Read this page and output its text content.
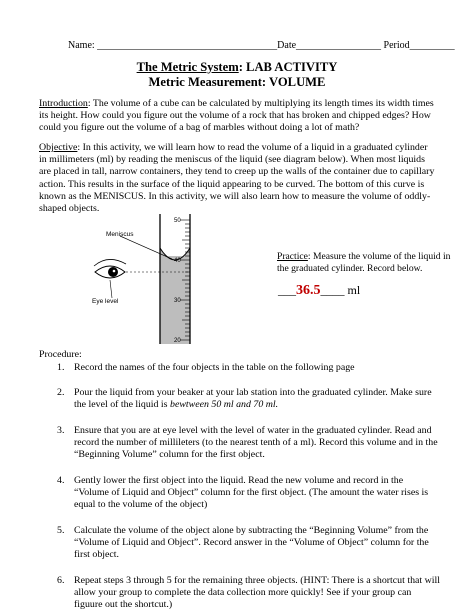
Name: ____________________________________Date_________________ Period_________
The Metric System: LAB ACTIVITY
Metric Measurement: VOLUME
Introduction: The volume of a cube can be calculated by multiplying its length times its width times its height. How could you figure out the volume of a rock that has broken and chipped edges? How could you figure out the volume of a bag of marbles without doing a lot of math?
Objective: In this activity, we will learn how to read the volume of a liquid in a graduated cylinder in millimeters (ml) by reading the meniscus of the liquid (see diagram below). When most liquids are placed in tall, narrow containers, they tend to creep up the walls of the container due to capillary action. This results in the surface of the liquid appearing to be curved. The bottom of this curve is known as the MENISCUS. In this activity, we will also learn how to measure the volume of oddly-shaped objects.
50
40
30
20
Meniscus
Eye level
Practice: Measure the volume of the liquid in the graduated cylinder. Record below.
___36.5____ ml
Procedure:
1. Record the names of the four objects in the table on the following page
2. Pour the liquid from your beaker at your lab station into the graduated cylinder. Make sure the level of the liquid is bewtween 50 ml and 70 ml.
3. Ensure that you are at eye level with the level of water in the graduated cylinder. Read and record the number of millileters (to the nearest tenth of a ml). Record this volume and in the “Beginning Volume” column for the first object.
4. Gently lower the first object into the liquid. Read the new volume and record in the “Volume of Liquid and Object” column for the first object. (The amount the water rises is equal to the volume of the object)
5. Calculate the volume of the object alone by subtracting the “Beginning Volume” from the “Volume of Liquid and Object”. Record answer in the “Volume of Object” column for the first object.
6. Repeat steps 3 through 5 for the remaining three objects. (HINT: There is a shortcut that will allow your group to complete the data collection more quickly! See if your group can figuure out the shortcut.)
